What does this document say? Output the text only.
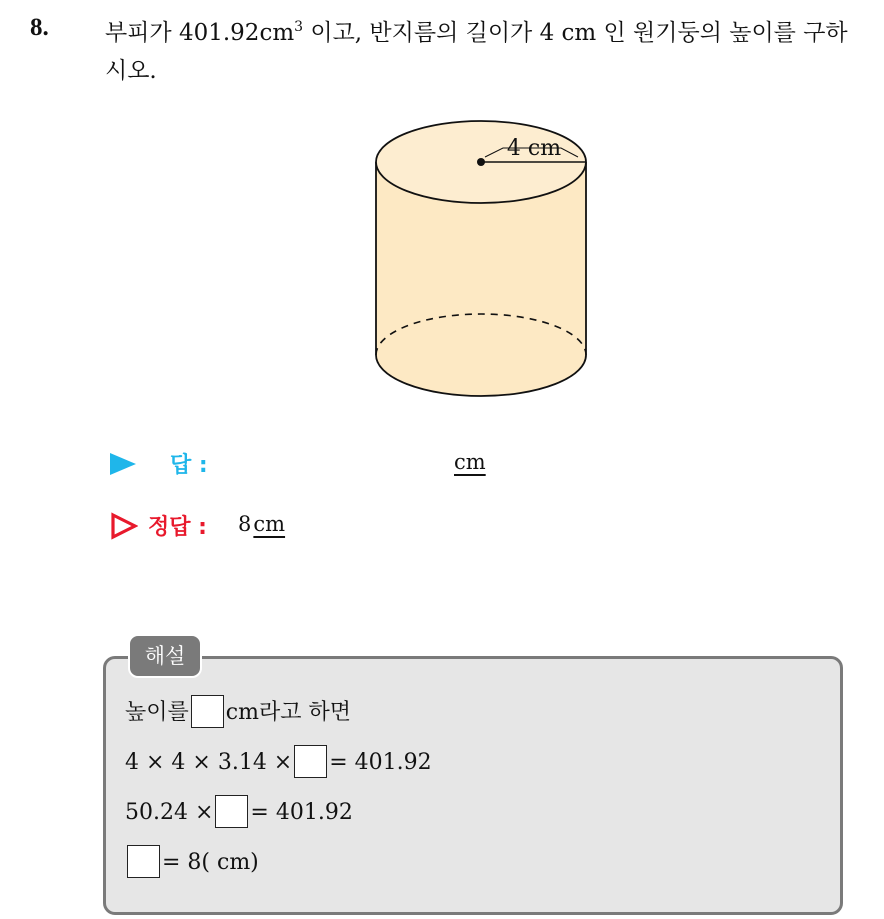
8. 부피가 $401.92cm^3$ 이고, 반지름의 길이가 4 cm 인 원기둥의 높이를 구하시오.
4 cm
답 :	cm
정답 : 8cm
해설
높이를 cm라고 하면
4 × 4 × 3.14 × = 401.92
50.24 × = 401.92
= 8( cm)
